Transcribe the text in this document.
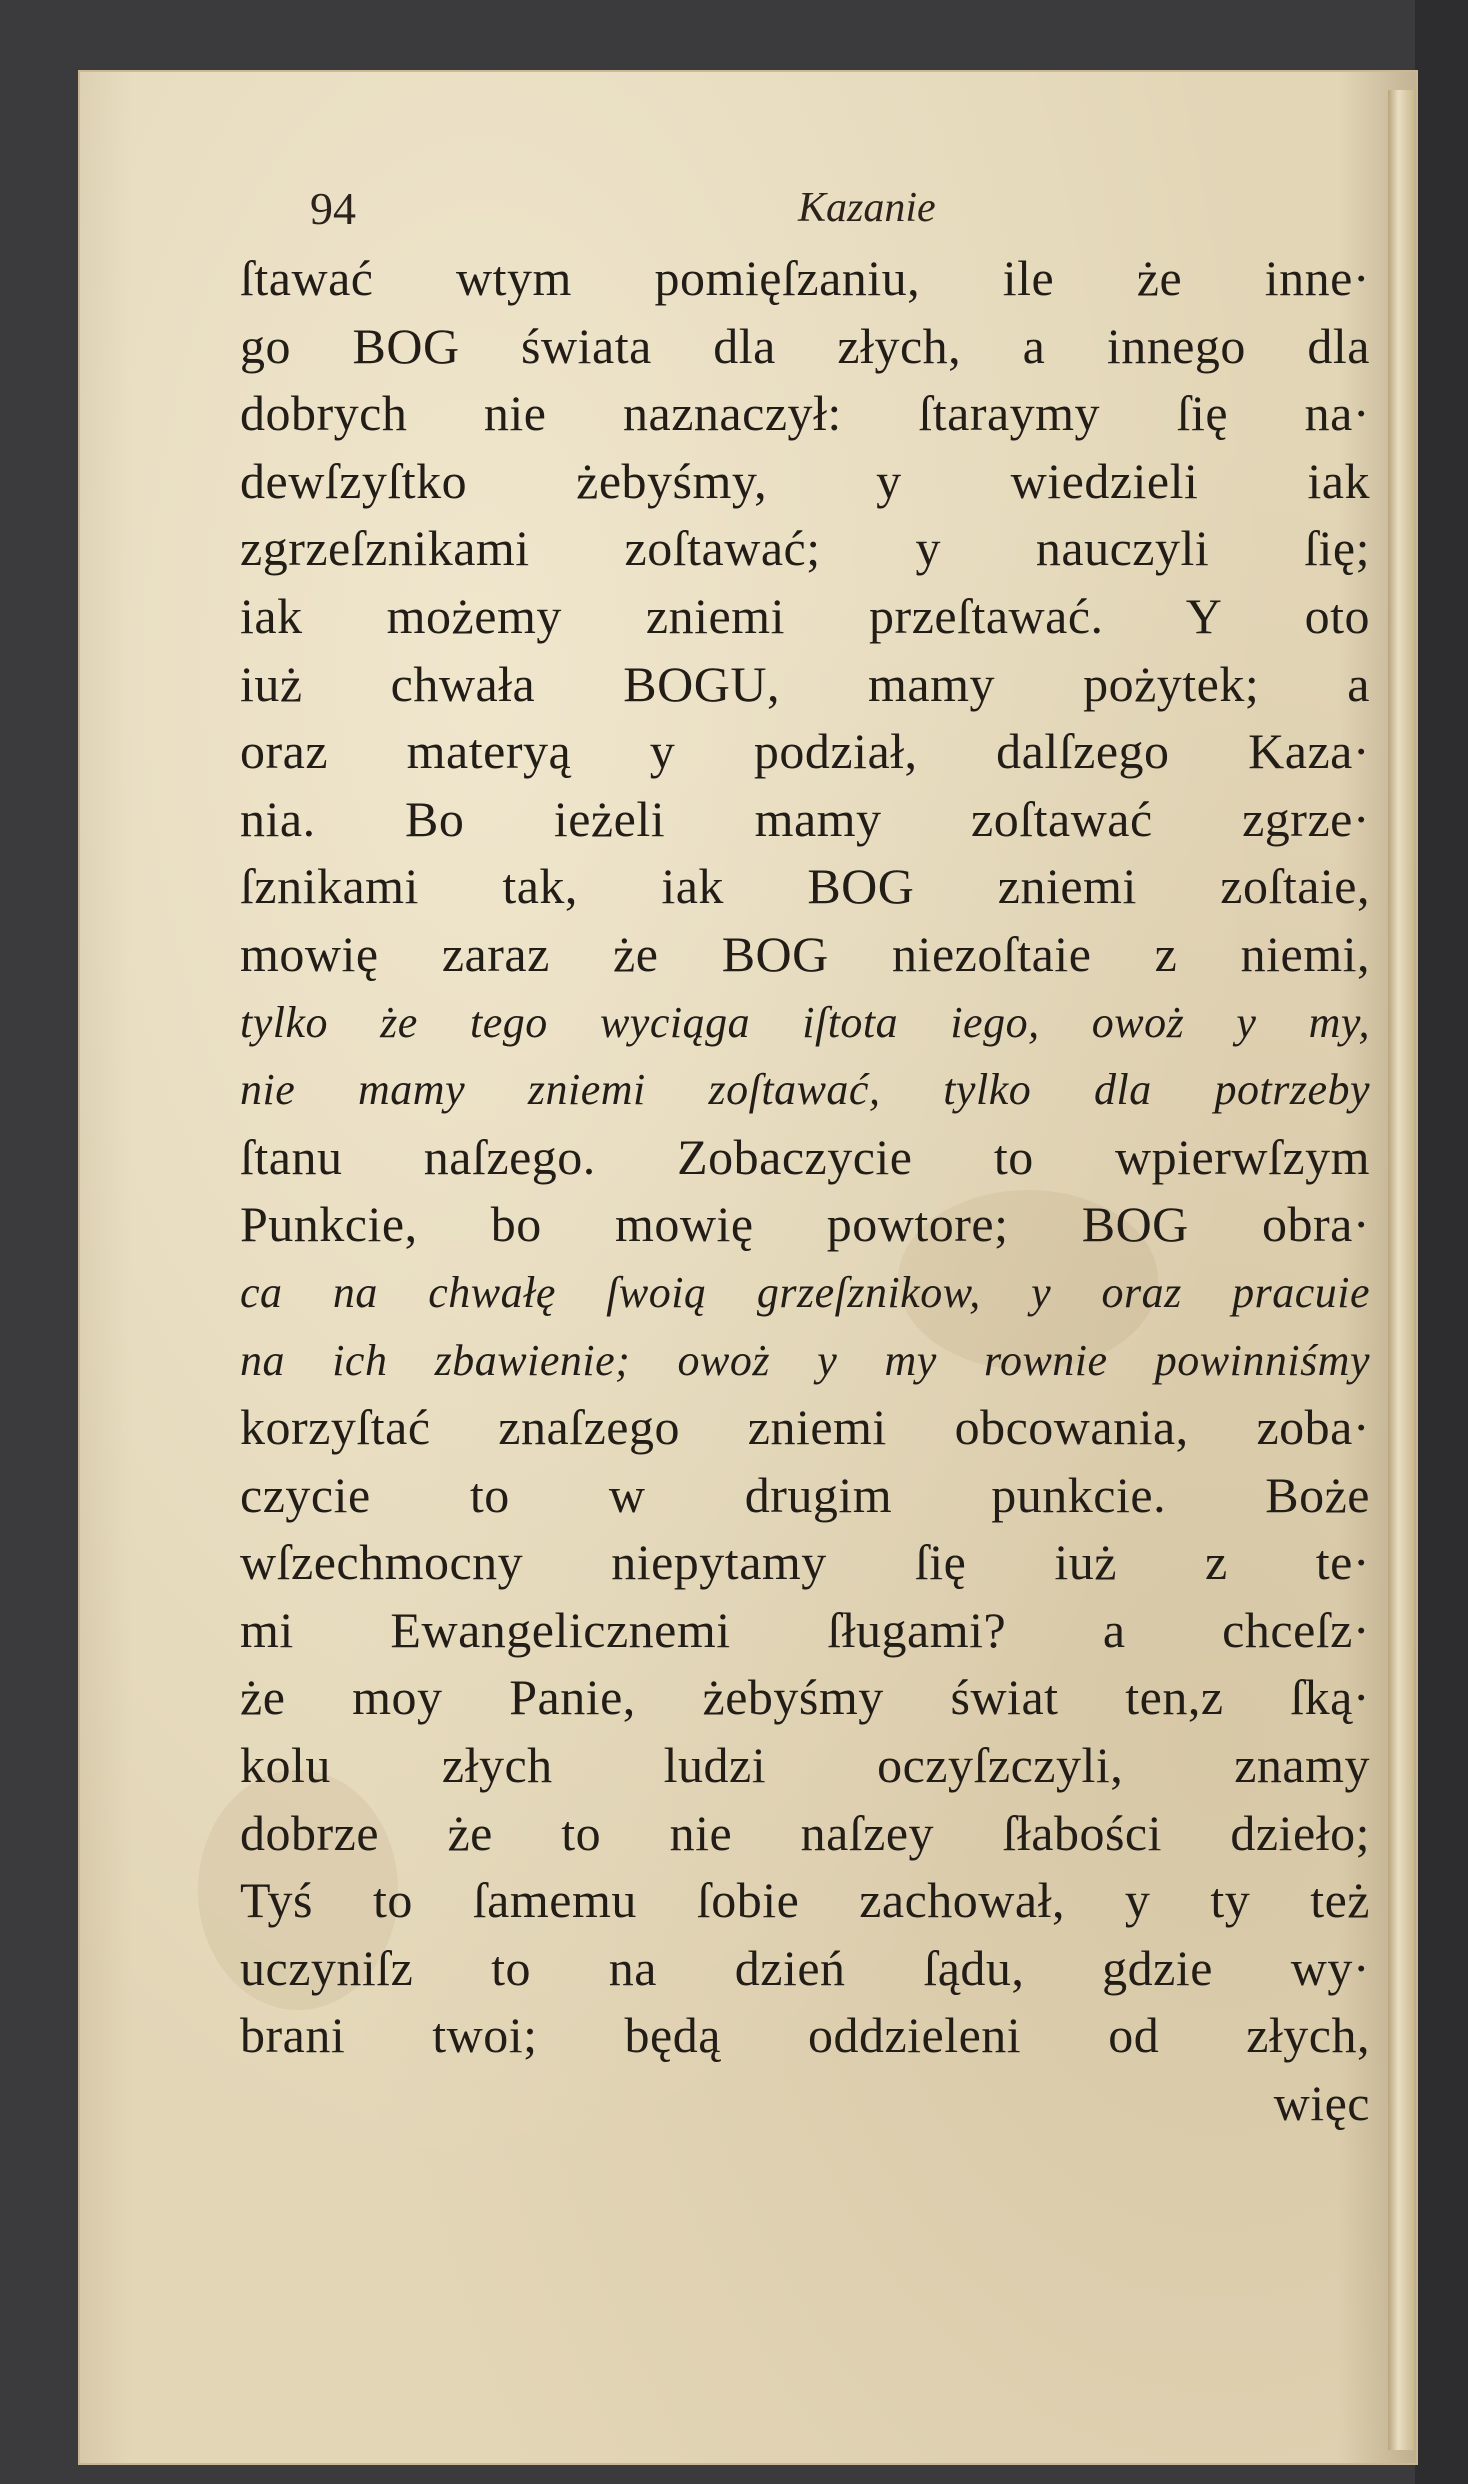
94	Kazanie
ſtawać wtym pomięſzaniu, ile że inne·
go BOG świata dla złych, a innego dla
dobrych nie naznaczył: ſtaraymy ſię na·
dewſzyſtko żebyśmy, y wiedzieli iak
zgrzeſznikami zoſtawać; y nauczyli ſię;
iak możemy zniemi przeſtawać. Y oto
iuż chwała BOGU, mamy pożytek; a
oraz materyą y podział, dalſzego Kaza·
nia. Bo ieżeli mamy zoſtawać zgrze·
ſznikami tak, iak BOG zniemi zoſtaie,
mowię zaraz że BOG niezoſtaie z niemi,
tylko że tego wyciąga iſtota iego, owoż y my,
nie mamy zniemi zoſtawać, tylko dla potrzeby
ſtanu naſzego. Zobaczycie to wpierwſzym
Punkcie, bo mowię powtore; BOG obra·
ca na chwałę ſwoią grzeſznikow, y oraz pracuie
na ich zbawienie; owoż y my rownie powinniśmy
korzyſtać znaſzego zniemi obcowania, zoba·
czycie to w drugim punkcie. Boże
wſzechmocny niepytamy ſię iuż z te·
mi Ewangelicznemi ſługami? a chceſz·
że moy Panie, żebyśmy świat ten,z ſką·
kolu złych ludzi oczyſzczyli, znamy
dobrze że to nie naſzey ſłabości dzieło;
Tyś to ſamemu ſobie zachował, y ty też
uczyniſz to na dzień ſądu, gdzie wy·
brani twoi; będą oddzieleni od złych,
więc
